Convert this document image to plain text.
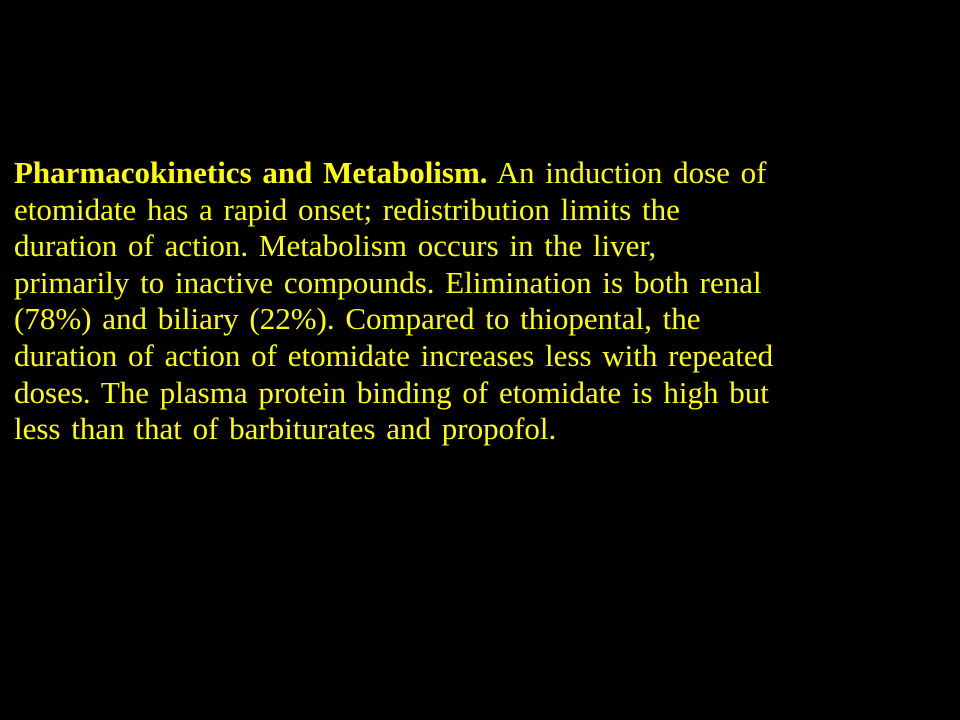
Pharmacokinetics and Metabolism. An induction dose of
etomidate has a rapid onset; redistribution limits the
duration of action. Metabolism occurs in the liver,
primarily to inactive compounds. Elimination is both renal
(78%) and biliary (22%). Compared to thiopental, the
duration of action of etomidate increases less with repeated
doses. The plasma protein binding of etomidate is high but
less than that of barbiturates and propofol.
